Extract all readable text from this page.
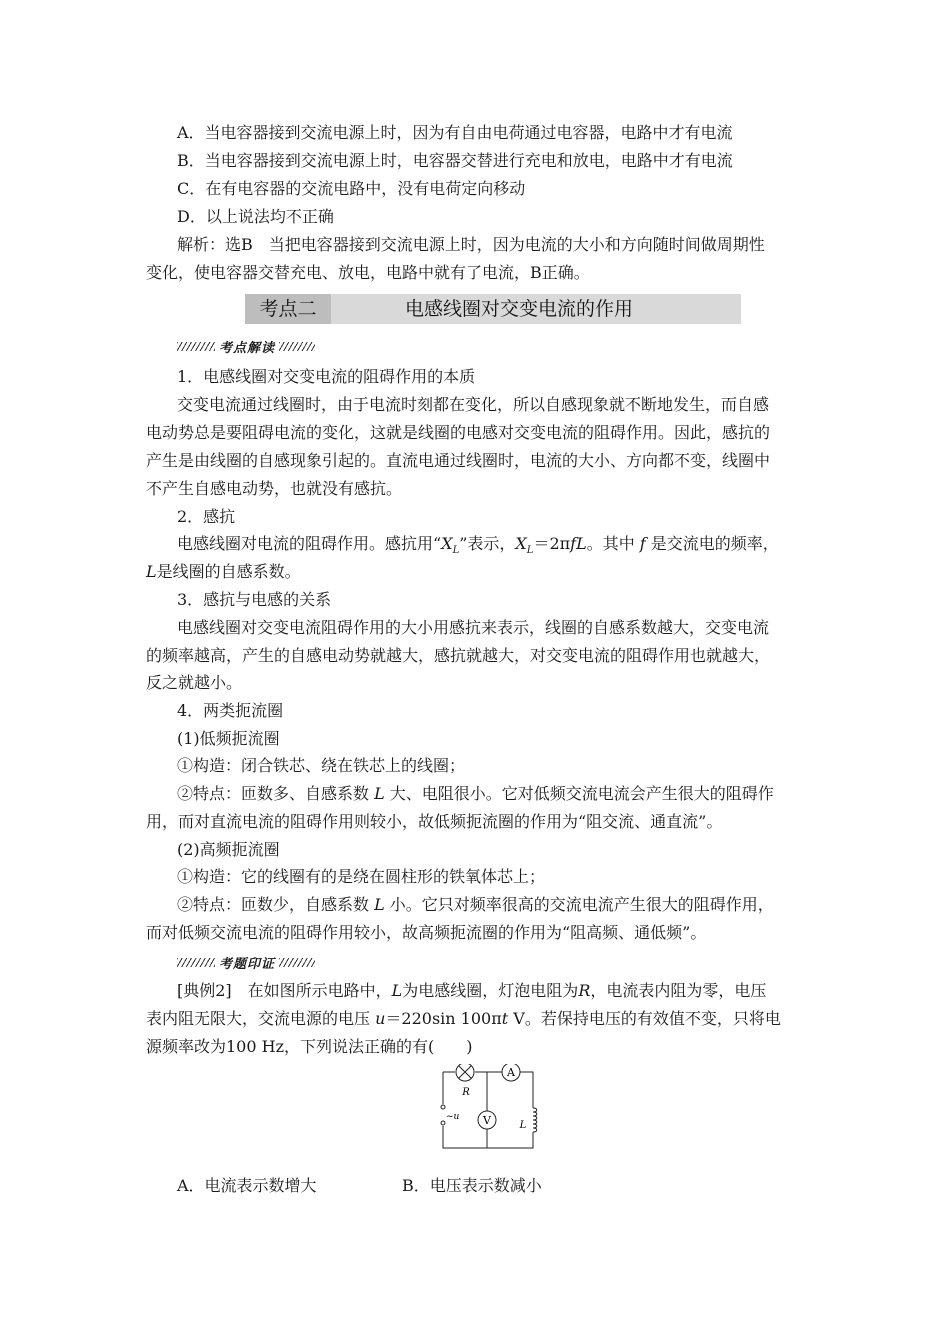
A．当电容器接到交流电源上时，因为有自由电荷通过电容器，电路中才有电流
B．当电容器接到交流电源上时，电容器交替进行充电和放电，电路中才有电流
C．在有电容器的交流电路中，没有电荷定向移动
D．以上说法均不正确
解析：选B　当把电容器接到交流电源上时，因为电流的大小和方向随时间做周期性
变化，使电容器交替充电、放电，电路中就有了电流，B正确。
考点二	电感线圈对交变电流的作用
考点解读
1．电感线圈对交变电流的阻碍作用的本质
交变电流通过线圈时，由于电流时刻都在变化，所以自感现象就不断地发生，而自感
电动势总是要阻碍电流的变化，这就是线圈的电感对交变电流的阻碍作用。因此，感抗的
产生是由线圈的自感现象引起的。直流电通过线圈时，电流的大小、方向都不变，线圈中
不产生自感电动势，也就没有感抗。
2．感抗
电感线圈对电流的阻碍作用。感抗用“$X_L$”表示，$X_L=2\pi fL$。其中 f 是交流电的频率，
L是线圈的自感系数。
3．感抗与电感的关系
电感线圈对交变电流阻碍作用的大小用感抗来表示，线圈的自感系数越大，交变电流
的频率越高，产生的自感电动势就越大，感抗就越大，对交变电流的阻碍作用也就越大，
反之就越小。
4．两类扼流圈
(1)低频扼流圈
①构造：闭合铁芯、绕在铁芯上的线圈；
②特点：匝数多、自感系数 L 大、电阻很小。它对低频交流电流会产生很大的阻碍作
用，而对直流电流的阻碍作用则较小，故低频扼流圈的作用为“阻交流、通直流”。
(2)高频扼流圈
①构造：它的线圈有的是绕在圆柱形的铁氧体芯上；
②特点：匝数少，自感系数 L 小。它只对频率很高的交流电流产生很大的阻碍作用，
而对低频交流电流的阻碍作用较小，故高频扼流圈的作用为“阻高频、通低频”。
考题印证
[典例2]　在如图所示电路中，L为电感线圈，灯泡电阻为R，电流表内阻为零，电压
表内阻无限大，交流电源的电压 u＝220sin 100πt V。若保持电压的有效值不变，只将电
源频率改为100 Hz，下列说法正确的有(　　)
A
V
R
L
~u
A．电流表示数增大	B．电压表示数减小
